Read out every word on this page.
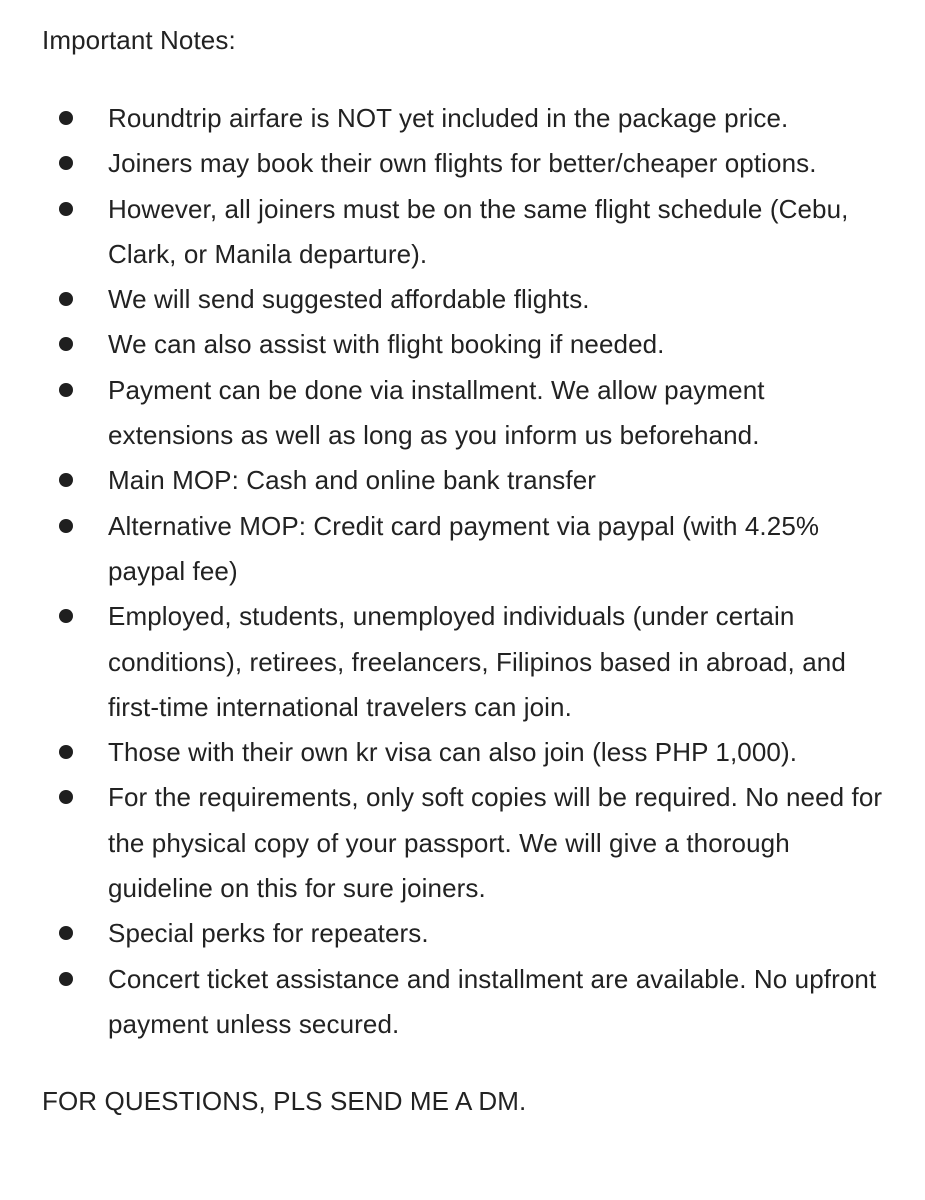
Important Notes:
Roundtrip airfare is NOT yet included in the package price.
Joiners may book their own flights for better/cheaper options.
However, all joiners must be on the same flight schedule (Cebu, Clark, or Manila departure).
We will send suggested affordable flights.
We can also assist with flight booking if needed.
Payment can be done via installment. We allow payment extensions as well as long as you inform us beforehand.
Main MOP: Cash and online bank transfer
Alternative MOP: Credit card payment via paypal (with 4.25% paypal fee)
Employed, students, unemployed individuals (under certain conditions), retirees, freelancers, Filipinos based in abroad, and first-time international travelers can join.
Those with their own kr visa can also join (less PHP 1,000).
For the requirements, only soft copies will be required. No need for the physical copy of your passport. We will give a thorough guideline on this for sure joiners.
Special perks for repeaters.
Concert ticket assistance and installment are available. No upfront payment unless secured.
FOR QUESTIONS, PLS SEND ME A DM.
